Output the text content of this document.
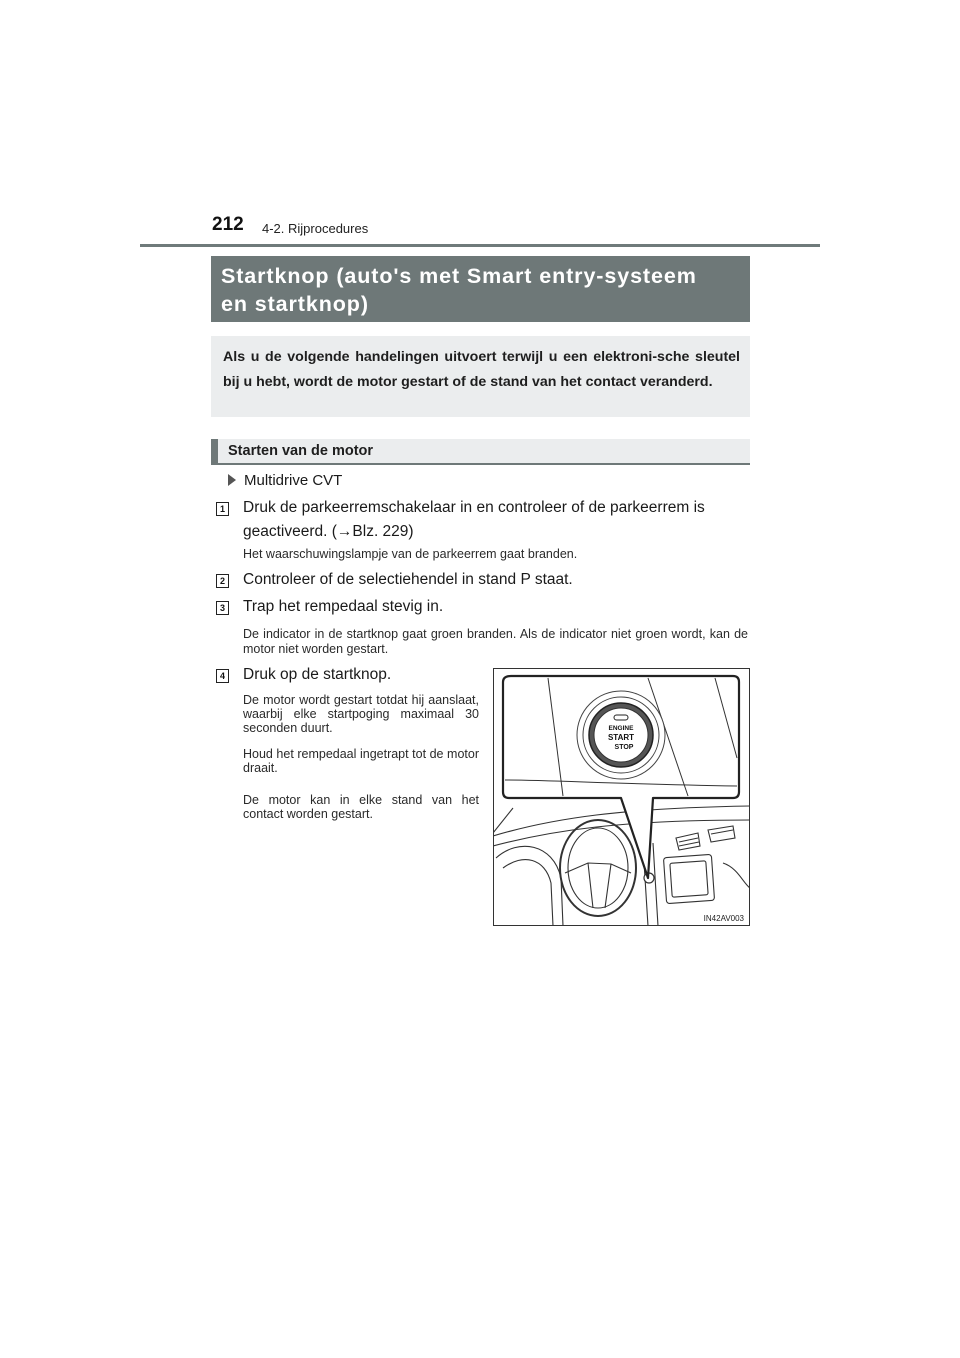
212 4-2. Rijprocedures
Startknop (auto's met Smart entry-systeem
en startknop)
Als u de volgende handelingen uitvoert terwijl u een elektroni-sche sleutel bij u hebt, wordt de motor gestart of de stand van het contact veranderd.
Starten van de motor
Multidrive CVT
1 Druk de parkeerremschakelaar in en controleer of de parkeerrem is
geactiveerd. (→Blz. 229)
Het waarschuwingslampje van de parkeerrem gaat branden.
2 Controleer of de selectiehendel in stand P staat.
3 Trap het rempedaal stevig in.
De indicator in de startknop gaat groen branden. Als de indicator niet groen wordt, kan de motor niet worden gestart.
4 Druk op de startknop.
De motor wordt gestart totdat hij aanslaat, waarbij elke startpoging maximaal 30 seconden duurt.
Houd het rempedaal ingetrapt tot de motor draait.
De motor kan in elke stand van het contact worden gestart.
ENGINE
START
STOP
IN42AV003
